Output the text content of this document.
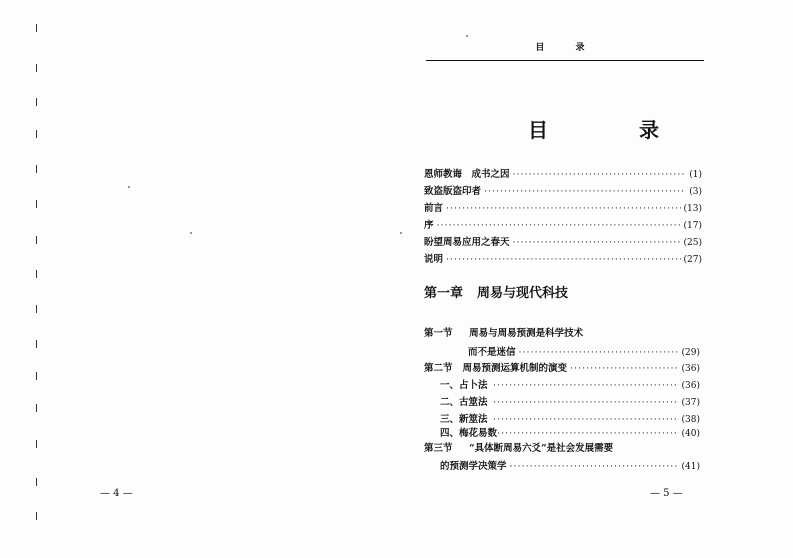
— 4 —
目 录
目 录
恩师教诲　成书之因 ·····	(1)
致盗版盗印者 ·····	(3)
前言 ·····	(13)
序 ·····	(17)
盼望周易应用之春天 ·····	(25)
说明 ·····	(27)
第一章 周易与现代科技
第一节 周易与周易预测是科学技术
而不是迷信 ·····	(29)
第二节 周易预测运算机制的演变 ·····	(36)
一、占卜法 ·····	(36)
二、古筮法 ·····	(37)
三、新筮法 ·····	(38)
四、梅花易数 ·····	(40)
第三节 “具体断周易六爻”是社会发展需要
的预测学决策学 ·····	(41)
— 5 —
